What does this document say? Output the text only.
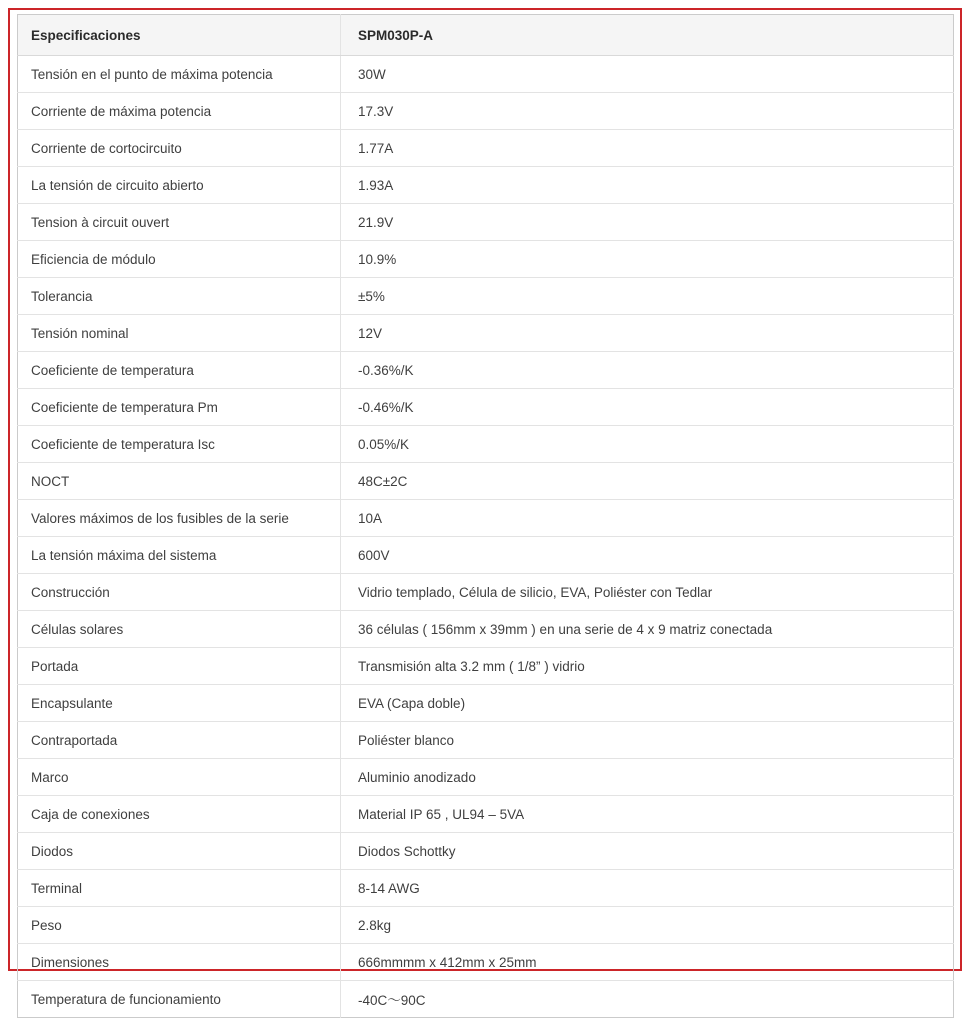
Especificaciones	SPM030P-A
Tensión en el punto de máxima potencia	30W
Corriente de máxima potencia	17.3V
Corriente de cortocircuito	1.77A
La tensión de circuito abierto	1.93A
Tension à circuit ouvert	21.9V
Eficiencia de módulo	10.9%
Tolerancia	±5%
Tensión nominal	12V
Coeficiente de temperatura	-0.36%/K
Coeficiente de temperatura Pm	-0.46%/K
Coeficiente de temperatura Isc	0.05%/K
NOCT	48C±2C
Valores máximos de los fusibles de la serie	10A
La tensión máxima del sistema	600V
Construcción	Vidrio templado, Célula de silicio, EVA, Poliéster con Tedlar
Células solares	36 células ( 156mm x 39mm ) en una serie de 4 x 9 matriz conectada
Portada	Transmisión alta 3.2 mm ( 1/8” ) vidrio
Encapsulante	EVA (Capa doble)
Contraportada	Poliéster blanco
Marco	Aluminio anodizado
Caja de conexiones	Material IP 65 , UL94 – 5VA
Diodos	Diodos Schottky
Terminal	8-14 AWG
Peso	2.8kg
Dimensiones	666mmmm x 412mm x 25mm
Temperatura de funcionamiento	-40C～90C
